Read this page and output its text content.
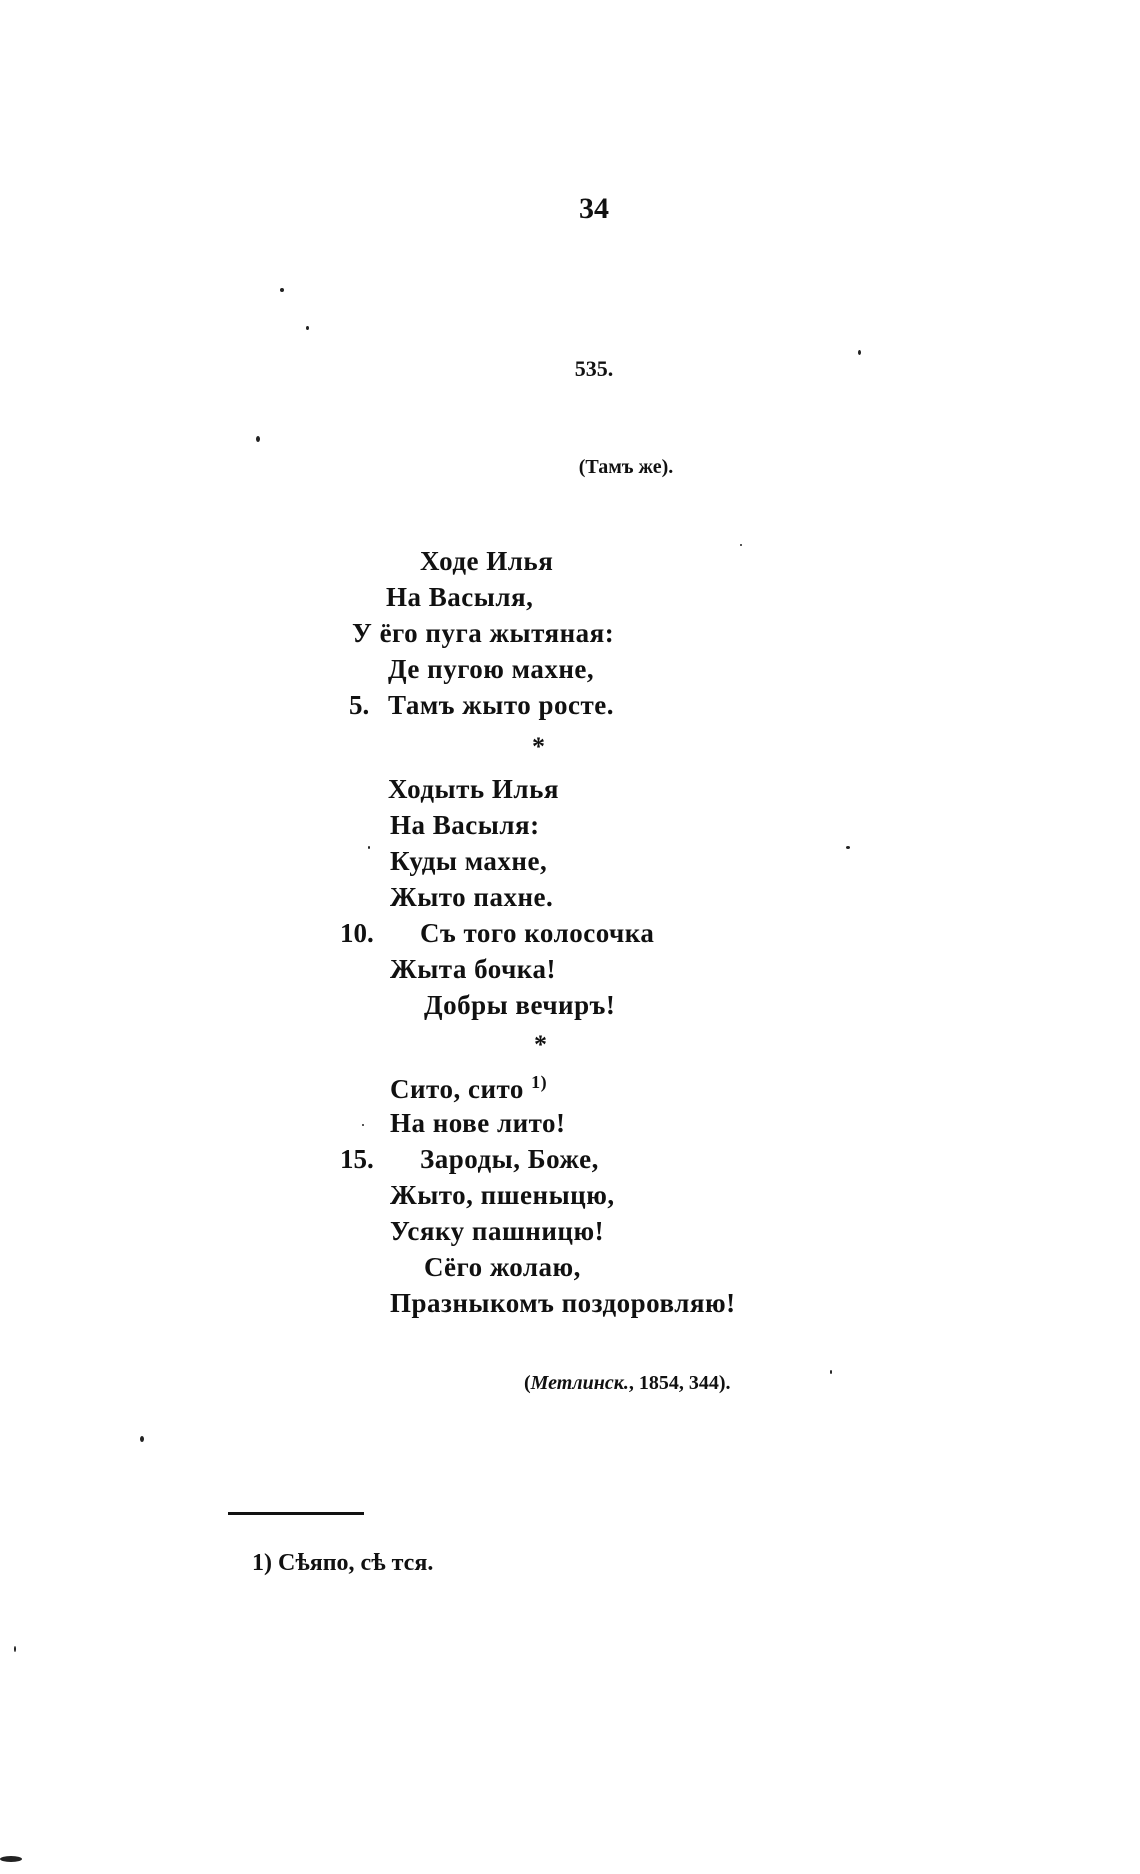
34
535.
(Тамъ же).
Ходе Илья
На Васыля,
У ёго пуга жытяная:
Де пугою махне,
5. Тамъ жыто росте.
*
Ходыть Илья
На Васыля:
Куды махне,
Жыто пахне.
10. Съ того колосочка
Жыта бочка!
Добры вечиръ!
*
Сито, сито $^{1)}$
На нове лито!
15. Зароды, Боже,
Жыто, пшеныцю,
Усяку пашницю!
Сёго жолаю,
Празныкомъ поздоровляю!
(Метлинск., 1854, 344).
1) Сѣяпо, сѣ тся.
